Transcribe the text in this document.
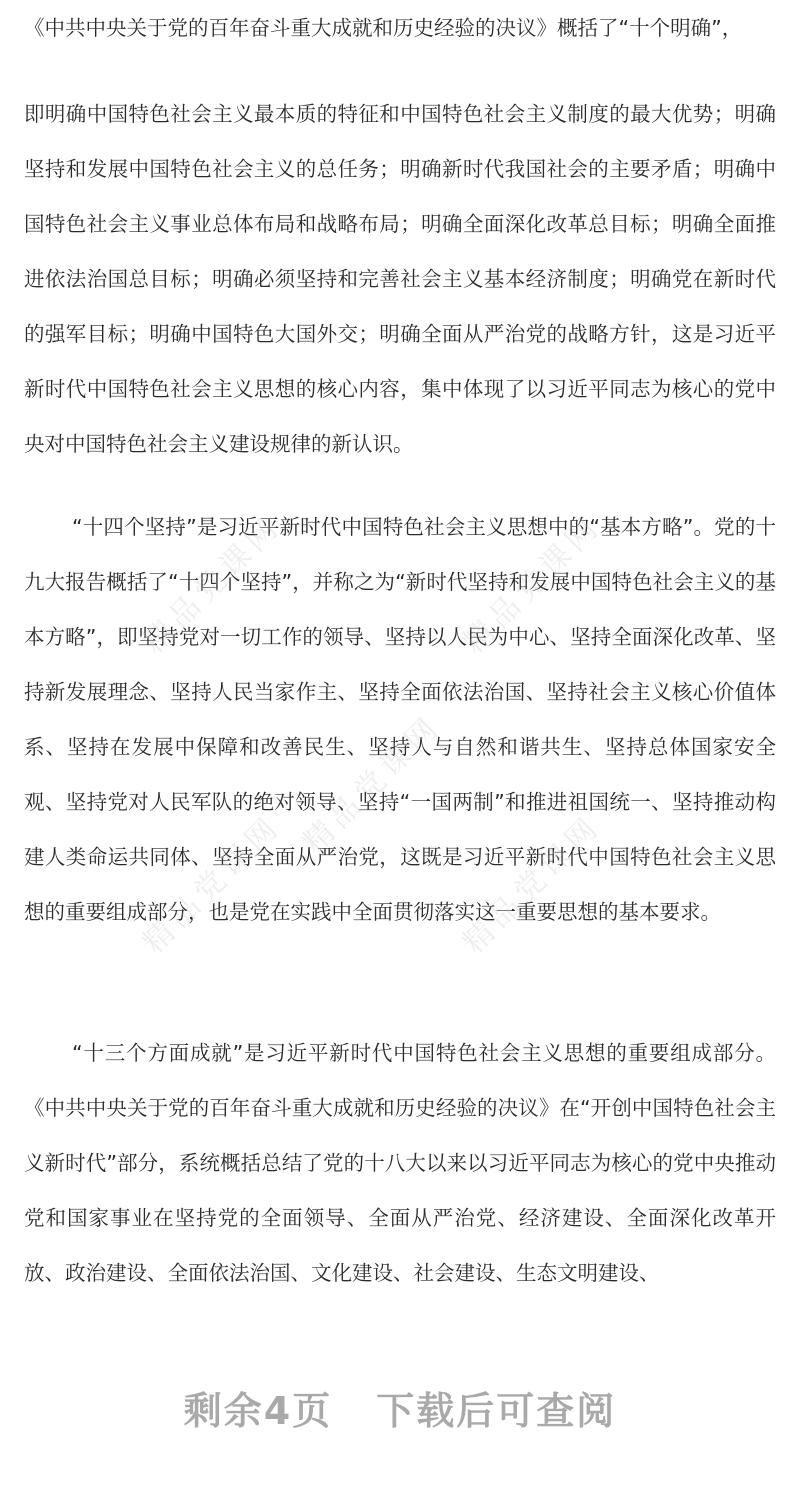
《中共中央关于党的百年奋斗重大成就和历史经验的决议》概括了“十个明确”，
即明确中国特色社会主义最本质的特征和中国特色社会主义制度的最大优势；明确坚持和发展中国特色社会主义的总任务；明确新时代我国社会的主要矛盾；明确中国特色社会主义事业总体布局和战略布局；明确全面深化改革总目标；明确全面推进依法治国总目标；明确必须坚持和完善社会主义基本经济制度；明确党在新时代的强军目标；明确中国特色大国外交；明确全面从严治党的战略方针，这是习近平新时代中国特色社会主义思想的核心内容，集中体现了以习近平同志为核心的党中央对中国特色社会主义建设规律的新认识。
“十四个坚持”是习近平新时代中国特色社会主义思想中的“基本方略”。党的十九大报告概括了“十四个坚持”，并称之为“新时代坚持和发展中国特色社会主义的基本方略”，即坚持党对一切工作的领导、坚持以人民为中心、坚持全面深化改革、坚持新发展理念、坚持人民当家作主、坚持全面依法治国、坚持社会主义核心价值体系、坚持在发展中保障和改善民生、坚持人与自然和谐共生、坚持总体国家安全观、坚持党对人民军队的绝对领导、坚持“一国两制”和推进祖国统一、坚持推动构建人类命运共同体、坚持全面从严治党，这既是习近平新时代中国特色社会主义思想的重要组成部分，也是党在实践中全面贯彻落实这一重要思想的基本要求。
“十三个方面成就”是习近平新时代中国特色社会主义思想的重要组成部分。《中共中央关于党的百年奋斗重大成就和历史经验的决议》在“开创中国特色社会主义新时代”部分，系统概括总结了党的十八大以来以习近平同志为核心的党中央推动党和国家事业在坚持党的全面领导、全面从严治党、经济建设、全面深化改革开放、政治建设、全面依法治国、文化建设、社会建设、生态文明建设、
精品党课网	精品党课网
精品党课网
精品党课网	精品党课网
剩余4页 下载后可查阅
